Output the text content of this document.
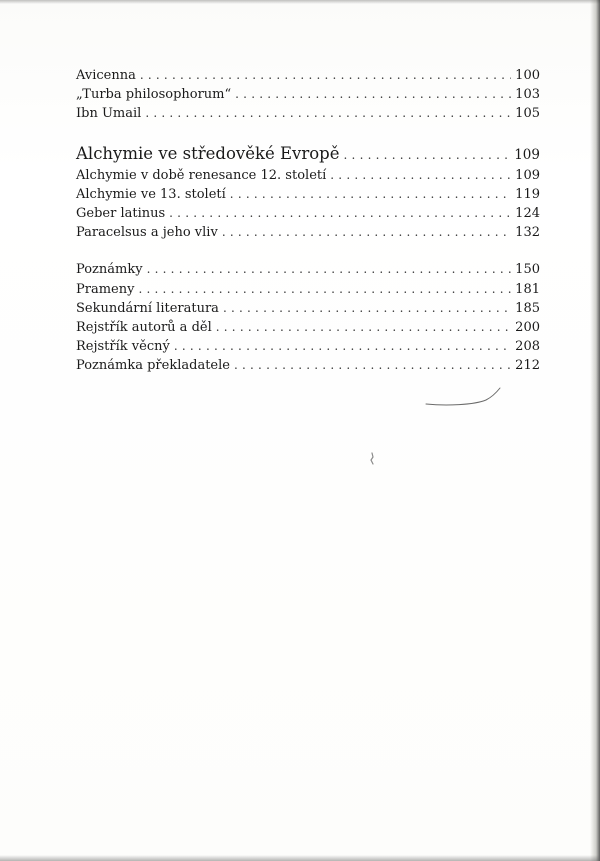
Avicenna . . .	100
„Turba philosophorum“ . . .	103
Ibn Umail . . .	105
Alchymie ve středověké Evropě . . .	109
Alchymie v době renesance 12. století . . .	109
Alchymie ve 13. století . . .	119
Geber latinus . . .	124
Paracelsus a jeho vliv . . .	132
Poznámky . . .	150
Prameny . . .	181
Sekundární literatura . . .	185
Rejstřík autorů a děl . . .	200
Rejstřík věcný . . .	208
Poznámka překladatele . . .	212
